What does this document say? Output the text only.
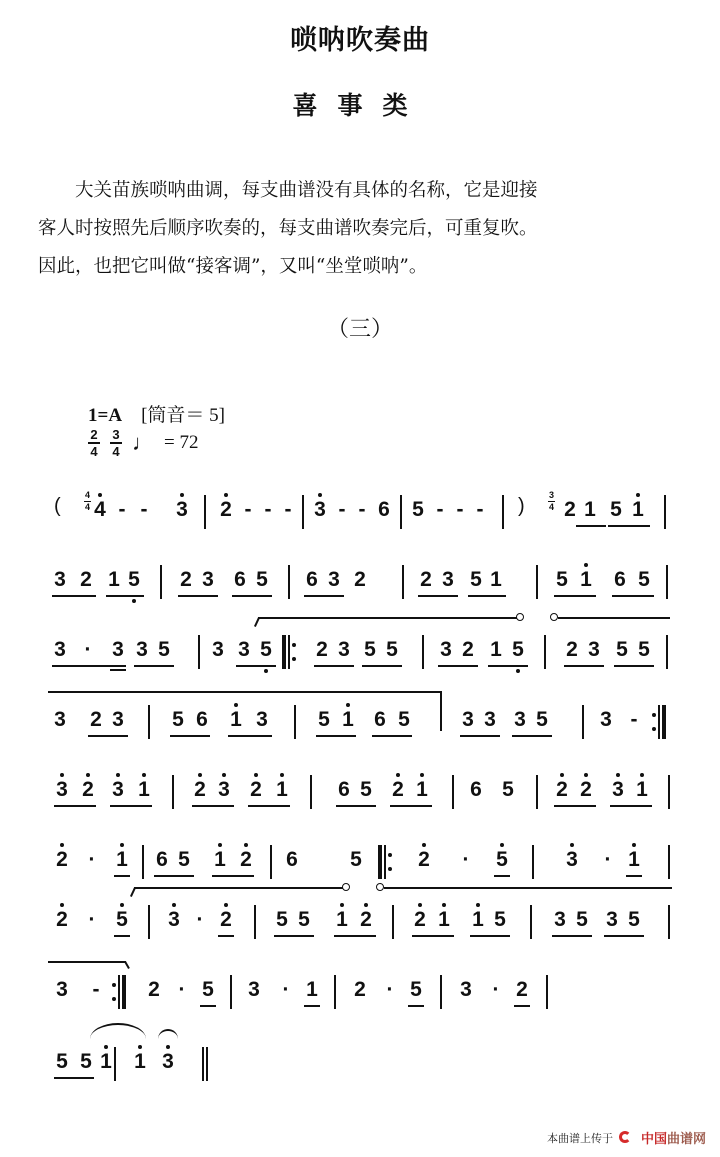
唢呐吹奏曲
喜事类

大关苗族唢呐曲调，每支曲谱没有具体的名称，它是迎接

客人时按照先后顺序吹奏的，每支曲谱吹奏完后，可重复吹。

因此，也把它叫做“接客调”，又叫“坐堂唢呐”。

（三）
1=A [筒音＝ 5]
$\frac{2}{4} \frac{3}{4}$ ♩ = 72
(	4
4 4 - - 3 2 - - - 3 - - 6 5 - - - )	3
4 2 1 5 1
3 2 1 5 2 3 6 5 6 3 2	2 3 5 1	5 1 6 5
3 · 3 3 5 3 3 5 2 3 5 5 3 2 1 5 2 3 5 5
3 2 3 5 6 1 3 5 1 6 5 3 3 3 5 3 -
3 2 3 1 2 3 2 1 6 5 2 1 6 5 2 2 3 1
2 · 1 6 5 1 2 6 5	2 · 5	3 · 1
2 · 5 3 · 2 5 5 1 2 2 1 1 5 3 5 3 5
3 - 2 · 5 3 · 1 2 · 5 3 · 2
5 5 1 1 3
本曲谱上传于 中国曲谱网
